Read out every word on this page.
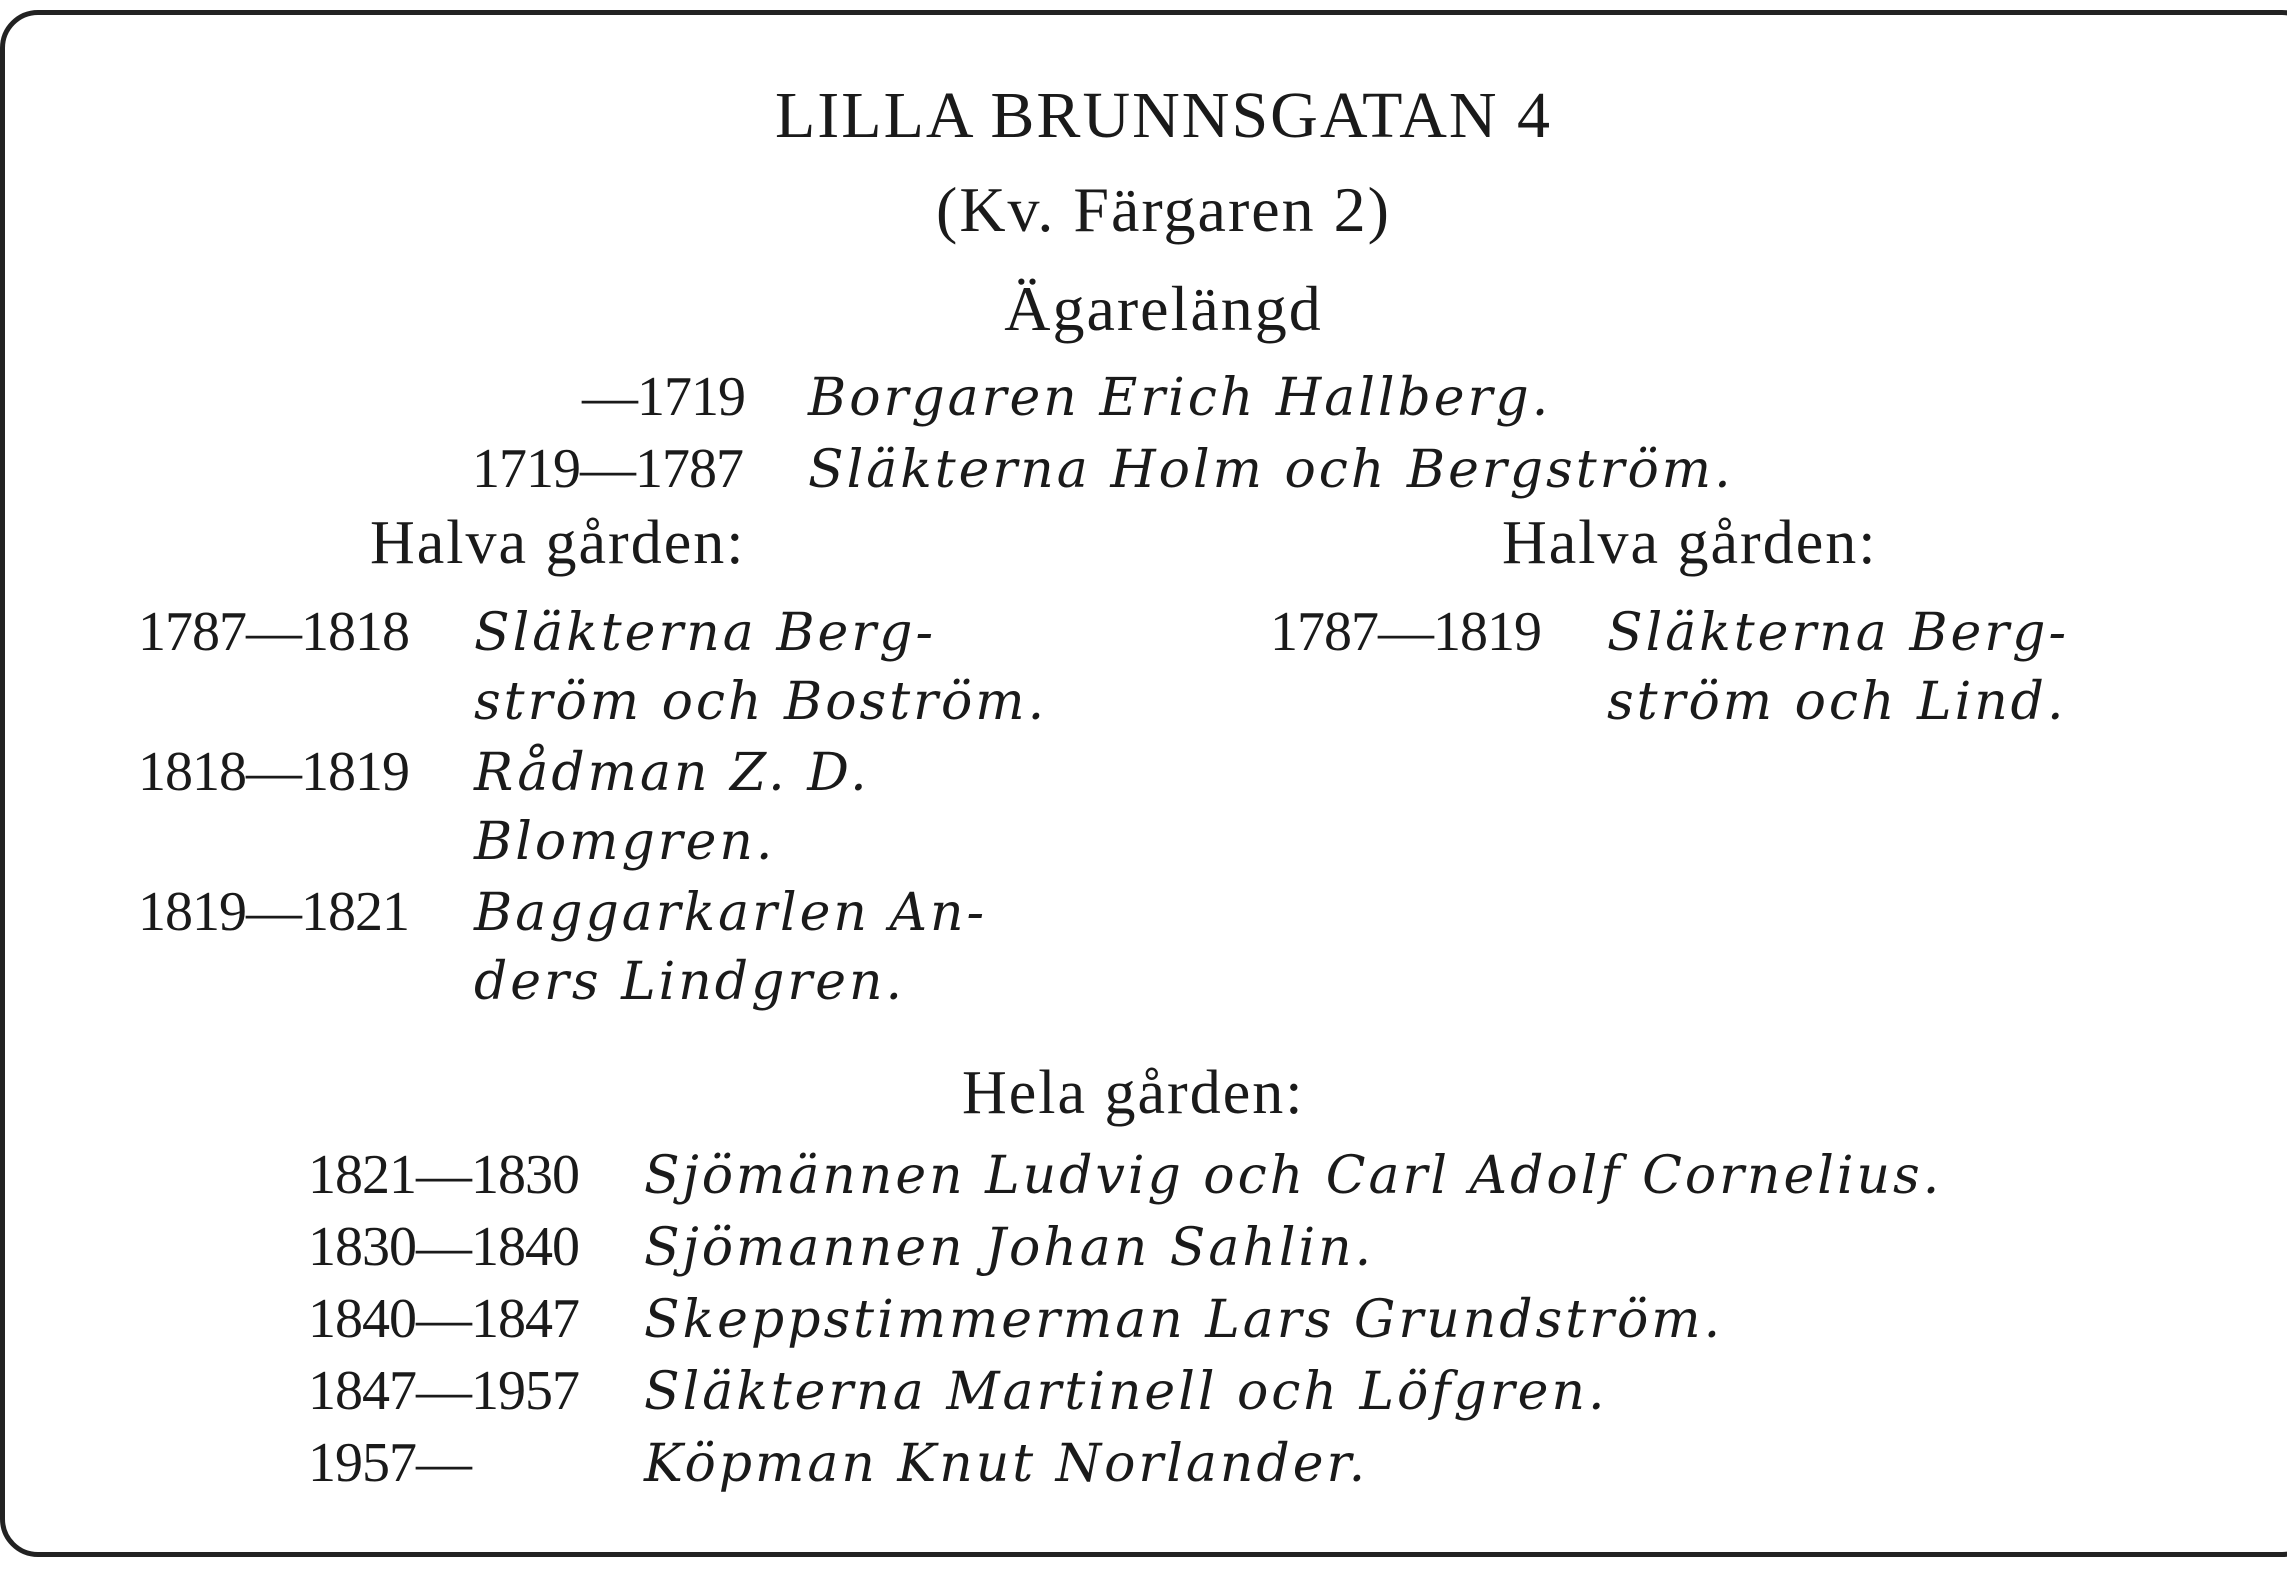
LILLA BRUNNSGATAN 4
(Kv. Färgaren 2)
Ägarelängd
—1719 Borgaren Erich Hallberg.
1719—1787 Släkterna Holm och Bergström.
Halva gården:
1787—1818 Släkterna Berg-
ström och Boström.
1818—1819 Rådman Z. D.
Blomgren.
1819—1821 Baggarkarlen An-
ders Lindgren.
Halva gården:
1787—1819 Släkterna Berg-
ström och Lind.
Hela gården:
1821—1830 Sjömännen Ludvig och Carl Adolf Cornelius.
1830—1840 Sjömannen Johan Sahlin.
1840—1847 Skeppstimmerman Lars Grundström.
1847—1957 Släkterna Martinell och Löfgren.
1957—	Köpman Knut Norlander.
